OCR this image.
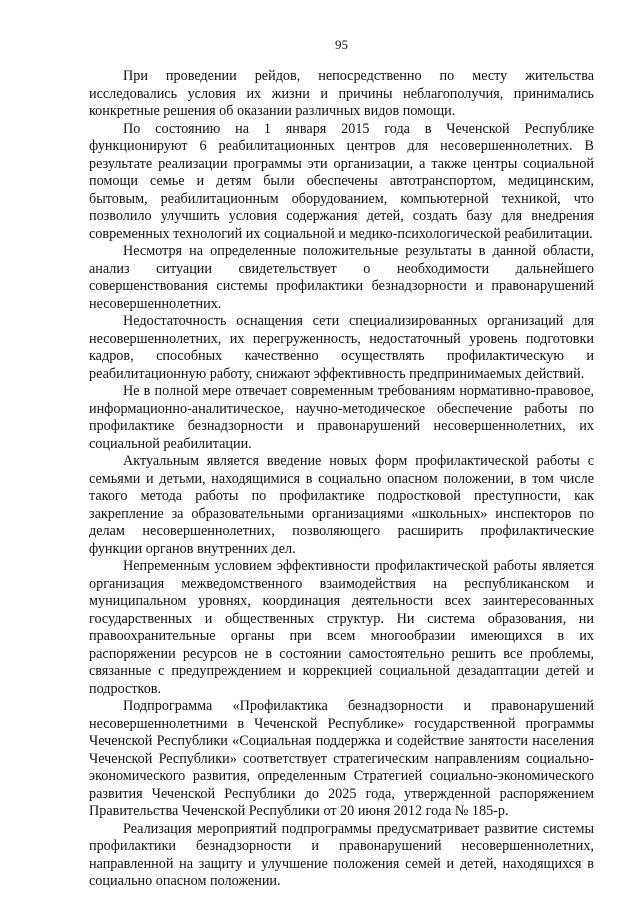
95

При проведении рейдов, непосредственно по месту жительства исследовались условия их жизни и причины неблагополучия, принимались конкретные решения об оказании различных видов помощи.

По состоянию на 1 января 2015 года в Чеченской Республике функционируют 6 реабилитационных центров для несовершеннолетних. В результате реализации программы эти организации, а также центры социальной помощи семье и детям были обеспечены автотранспортом, медицинским, бытовым, реабилитационным оборудованием, компьютерной техникой, что позволило улучшить условия содержания детей, создать базу для внедрения современных технологий их социальной и медико-психологической реабилитации.

Несмотря на определенные положительные результаты в данной области, анализ ситуации свидетельствует о необходимости дальнейшего совершенствования системы профилактики безнадзорности и правонарушений несовершеннолетних.

Недостаточность оснащения сети специализированных организаций для несовершеннолетних, их перегруженность, недостаточный уровень подготовки кадров, способных качественно осуществлять профилактическую и реабилитационную работу, снижают эффективность предпринимаемых действий.

Не в полной мере отвечает современным требованиям нормативно-правовое, информационно-аналитическое, научно-методическое обеспечение работы по профилактике безнадзорности и правонарушений несовершеннолетних, их социальной реабилитации.

Актуальным является введение новых форм профилактической работы с семьями и детьми, находящимися в социально опасном положении, в том числе такого метода работы по профилактике подростковой преступности, как закрепление за образовательными организациями «школьных» инспекторов по делам несовершеннолетних, позволяющего расширить профилактические функции органов внутренних дел.

Непременным условием эффективности профилактической работы является организация межведомственного взаимодействия на республиканском и муниципальном уровнях, координация деятельности всех заинтересованных государственных и общественных структур. Ни система образования, ни правоохранительные органы при всем многообразии имеющихся в их распоряжении ресурсов не в состоянии самостоятельно решить все проблемы, связанные с предупреждением и коррекцией социальной дезадаптации детей и подростков.

Подпрограмма «Профилактика безнадзорности и правонарушений несовершеннолетними в Чеченской Республике» государственной программы Чеченской Республики «Социальная поддержка и содействие занятости населения Чеченской Республики» соответствует стратегическим направлениям социально-экономического развития, определенным Стратегией социально-экономического развития Чеченской Республики до 2025 года, утвержденной распоряжением Правительства Чеченской Республики от 20 июня 2012 года № 185-р.

Реализация мероприятий подпрограммы предусматривает развитие системы профилактики безнадзорности и правонарушений несовершеннолетних, направленной на защиту и улучшение положения семей и детей, находящихся в социально опасном положении.
